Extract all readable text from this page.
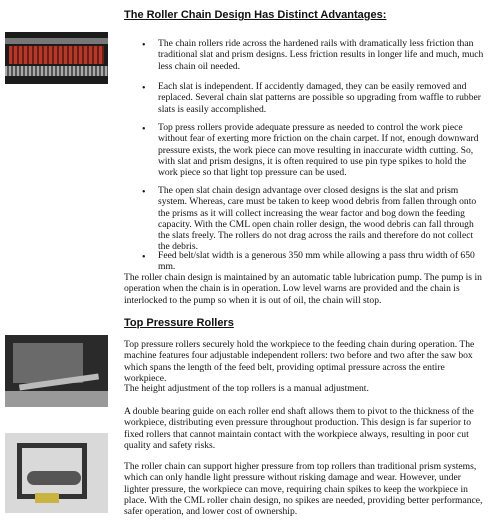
The Roller Chain Design Has Distinct Advantages:
• The chain rollers ride across the hardened rails with dramatically less friction than traditional slat and prism designs. Less friction results in longer life and much, much less chain oil needed.
• Each slat is independent. If accidently damaged, they can be easily removed and replaced. Several chain slat patterns are possible so upgrading from waffle to rubber slats is easily accomplished.
• Top press rollers provide adequate pressure as needed to control the work piece without fear of exerting more friction on the chain carpet. If not, enough downward pressure exists, the work piece can move resulting in inaccurate width cutting. So, with slat and prism designs, it is often required to use pin type spikes to hold the work piece so that light top pressure can be used.
• The open slat chain design advantage over closed designs is the slat and prism system. Whereas, care must be taken to keep wood debris from fallen through onto the prisms as it will collect increasing the wear factor and bog down the feeding capacity. With the CML open chain roller design, the wood debris can fall through the slats freely. The rollers do not drag across the rails and therefore do not collect the debris.
• Feed belt/slat width is a generous 350 mm while allowing a pass thru width of 650 mm.
The roller chain design is maintained by an automatic table lubrication pump. The pump is in operation when the chain is in operation. Low level warns are provided and the chain is interlocked to the pump so when it is out of oil, the chain will stop.
Top Pressure Rollers
Top pressure rollers securely hold the workpiece to the feeding chain during operation. The machine features four adjustable independent rollers: two before and two after the saw box which spans the length of the feed belt, providing optimal pressure across the entire workpiece.
The height adjustment of the top rollers is a manual adjustment.
A double bearing guide on each roller end shaft allows them to pivot to the thickness of the workpiece, distributing even pressure throughout production. This design is far superior to fixed rollers that cannot maintain contact with the workpiece always, resulting in poor cut quality and safety risks.
The roller chain can support higher pressure from top rollers than traditional prism systems, which can only handle light pressure without risking damage and wear. However, under lighter pressure, the workpiece can move, requiring chain spikes to keep the workpiece in place. With the CML roller chain design, no spikes are needed, providing better performance, safer operation, and lower cost of ownership.
